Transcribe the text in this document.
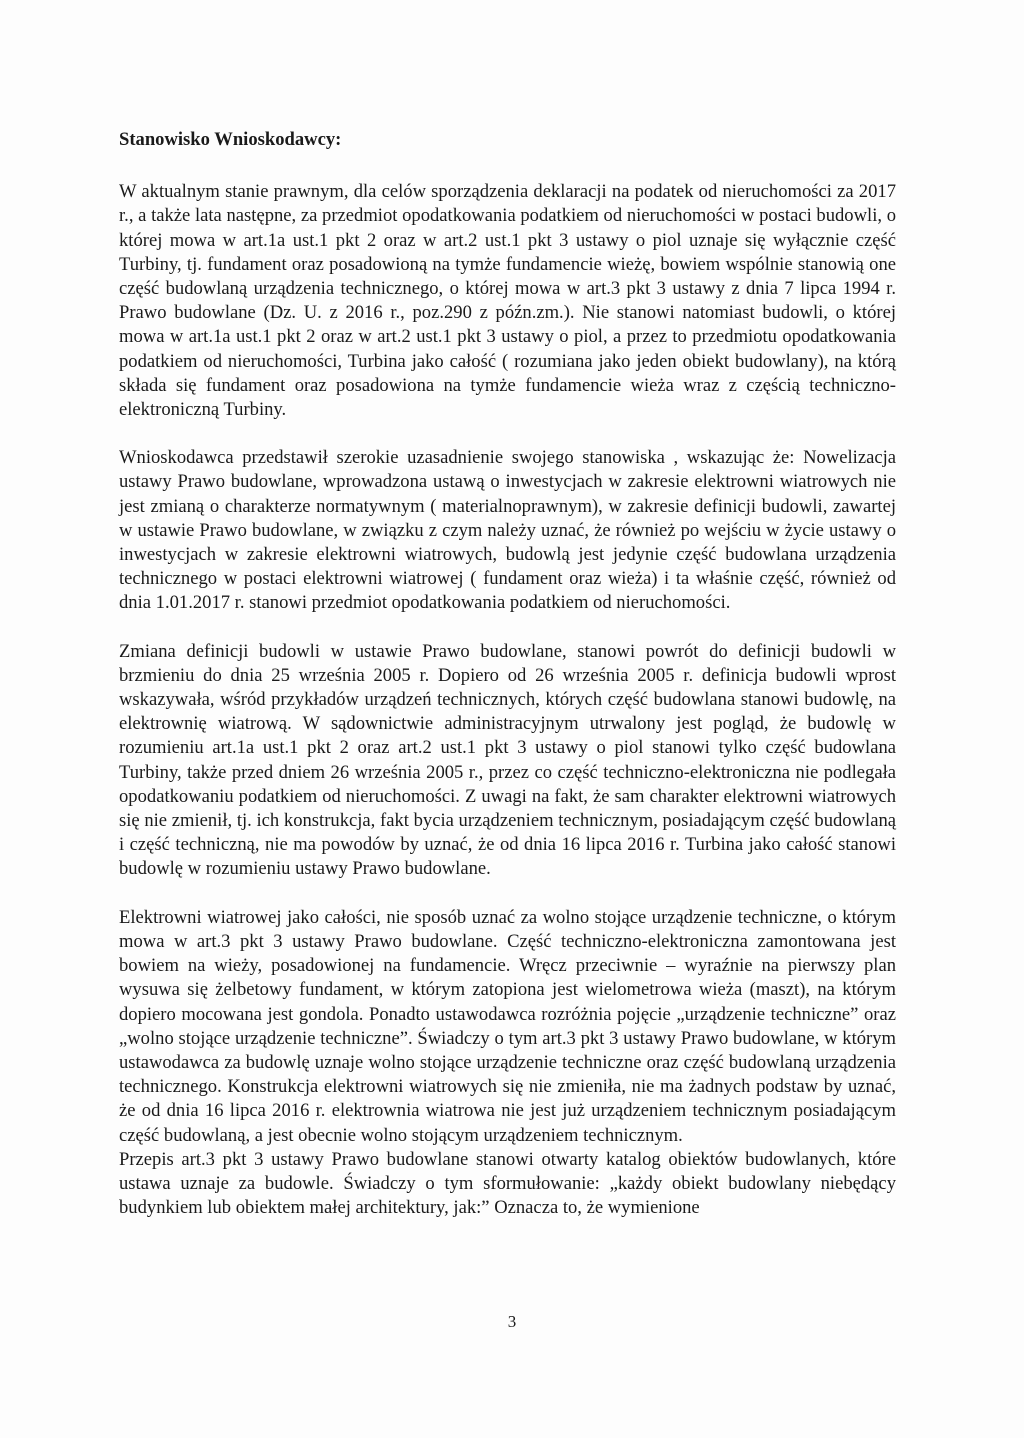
Stanowisko Wnioskodawcy:

W aktualnym stanie prawnym, dla celów sporządzenia deklaracji na podatek od nieruchomości za 2017 r., a także lata następne, za przedmiot opodatkowania podatkiem od nieruchomości w postaci budowli, o której mowa w art.1a ust.1 pkt 2 oraz w art.2 ust.1 pkt 3 ustawy o piol uznaje się wyłącznie część Turbiny, tj. fundament oraz posadowioną na tymże fundamencie wieżę, bowiem wspólnie stanowią one część budowlaną urządzenia technicznego, o której mowa w art.3 pkt 3 ustawy z dnia 7 lipca 1994 r. Prawo budowlane (Dz. U. z 2016 r., poz.290 z późn.zm.). Nie stanowi natomiast budowli, o której mowa w art.1a ust.1 pkt 2 oraz w art.2 ust.1 pkt 3 ustawy o piol, a przez to przedmiotu opodatkowania podatkiem od nieruchomości, Turbina jako całość ( rozumiana jako jeden obiekt budowlany), na którą składa się fundament oraz posadowiona na tymże fundamencie wieża wraz z częścią techniczno-elektroniczną Turbiny.

Wnioskodawca przedstawił szerokie uzasadnienie swojego stanowiska , wskazując że: Nowelizacja ustawy Prawo budowlane, wprowadzona ustawą o inwestycjach w zakresie elektrowni wiatrowych nie jest zmianą o charakterze normatywnym ( materialnoprawnym), w zakresie definicji budowli, zawartej w ustawie Prawo budowlane, w związku z czym należy uznać, że również po wejściu w życie ustawy o inwestycjach w zakresie elektrowni wiatrowych, budowlą jest jedynie część budowlana urządzenia technicznego w postaci elektrowni wiatrowej ( fundament oraz wieża) i ta właśnie część, również od dnia 1.01.2017 r. stanowi przedmiot opodatkowania podatkiem od nieruchomości.

Zmiana definicji budowli w ustawie Prawo budowlane, stanowi powrót do definicji budowli w brzmieniu do dnia 25 września 2005 r. Dopiero od 26 września 2005 r. definicja budowli wprost wskazywała, wśród przykładów urządzeń technicznych, których część budowlana stanowi budowlę, na elektrownię wiatrową. W sądownictwie administracyjnym utrwalony jest pogląd, że budowlę w rozumieniu art.1a ust.1 pkt 2 oraz art.2 ust.1 pkt 3 ustawy o piol stanowi tylko część budowlana Turbiny, także przed dniem 26 września 2005 r., przez co część techniczno-elektroniczna nie podlegała opodatkowaniu podatkiem od nieruchomości. Z uwagi na fakt, że sam charakter elektrowni wiatrowych się nie zmienił, tj. ich konstrukcja, fakt bycia urządzeniem technicznym, posiadającym część budowlaną i część techniczną, nie ma powodów by uznać, że od dnia 16 lipca 2016 r. Turbina jako całość stanowi budowlę w rozumieniu ustawy Prawo budowlane.

Elektrowni wiatrowej jako całości, nie sposób uznać za wolno stojące urządzenie techniczne, o którym mowa w art.3 pkt 3 ustawy Prawo budowlane. Część techniczno-elektroniczna zamontowana jest bowiem na wieży, posadowionej na fundamencie. Wręcz przeciwnie – wyraźnie na pierwszy plan wysuwa się żelbetowy fundament, w którym zatopiona jest wielometrowa wieża (maszt), na którym dopiero mocowana jest gondola. Ponadto ustawodawca rozróżnia pojęcie „urządzenie techniczne” oraz „wolno stojące urządzenie techniczne”. Świadczy o tym art.3 pkt 3 ustawy Prawo budowlane, w którym ustawodawca za budowlę uznaje wolno stojące urządzenie techniczne oraz część budowlaną urządzenia technicznego. Konstrukcja elektrowni wiatrowych się nie zmieniła, nie ma żadnych podstaw by uznać, że od dnia 16 lipca 2016 r. elektrownia wiatrowa nie jest już urządzeniem technicznym posiadającym część budowlaną, a jest obecnie wolno stojącym urządzeniem technicznym.

Przepis art.3 pkt 3 ustawy Prawo budowlane stanowi otwarty katalog obiektów budowlanych, które ustawa uznaje za budowle. Świadczy o tym sformułowanie: „każdy obiekt budowlany niebędący budynkiem lub obiektem małej architektury, jak:” Oznacza to, że wymienione

3
